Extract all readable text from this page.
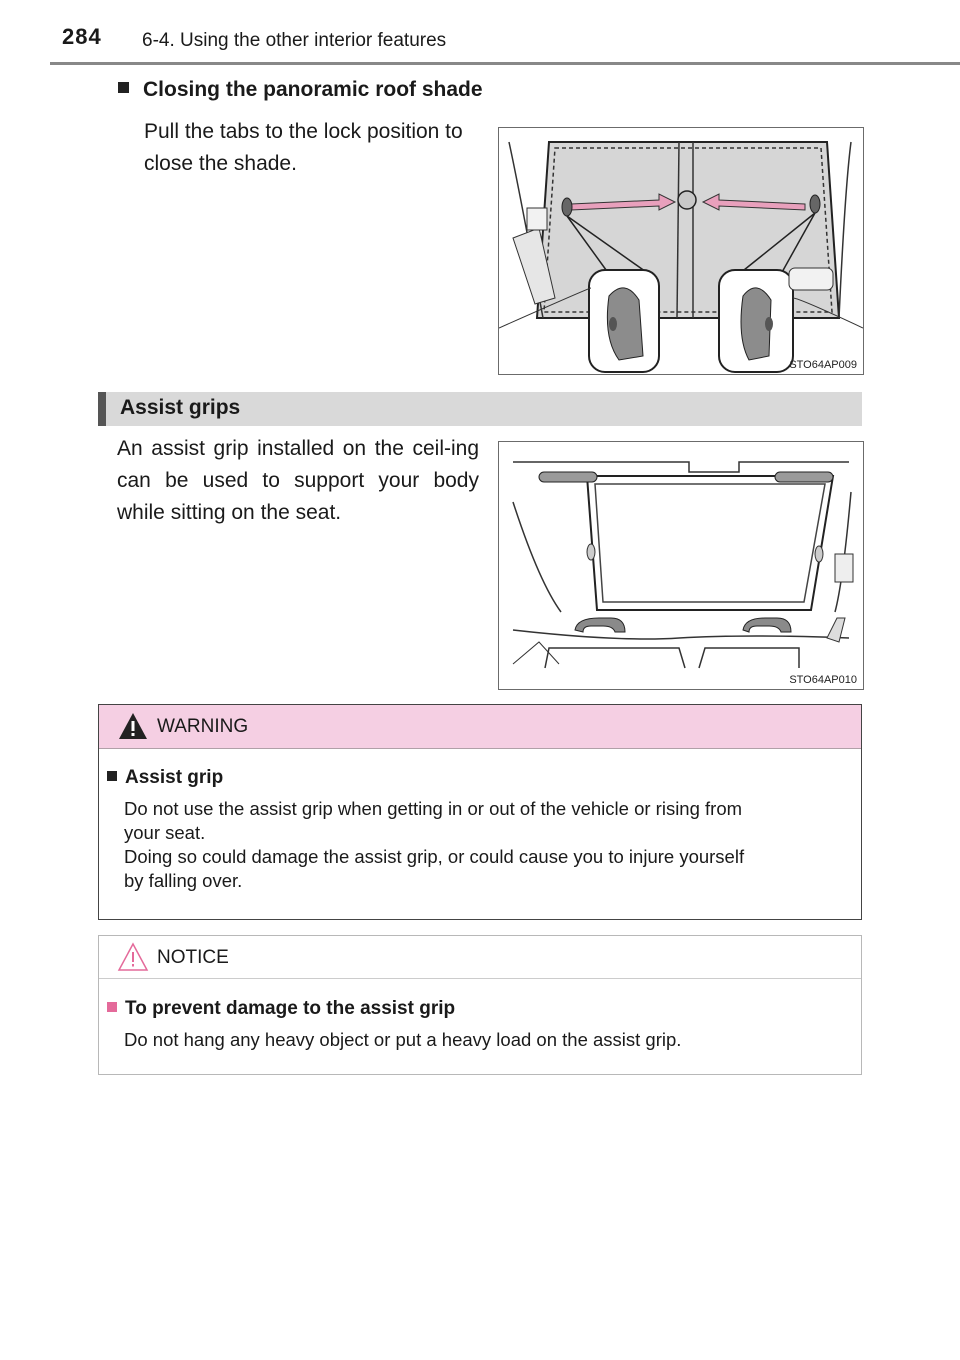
284 6-4. Using the other interior features
Closing the panoramic roof shade
Pull the tabs to the lock position to close the shade.
STO64AP009
Assist grips
An assist grip installed on the ceil-ing can be used to support your body while sitting on the seat.
STO64AP010
WARNING
Assist grip
Do not use the assist grip when getting in or out of the vehicle or rising from
your seat.
Doing so could damage the assist grip, or could cause you to injure yourself
by falling over.
NOTICE
To prevent damage to the assist grip
Do not hang any heavy object or put a heavy load on the assist grip.
